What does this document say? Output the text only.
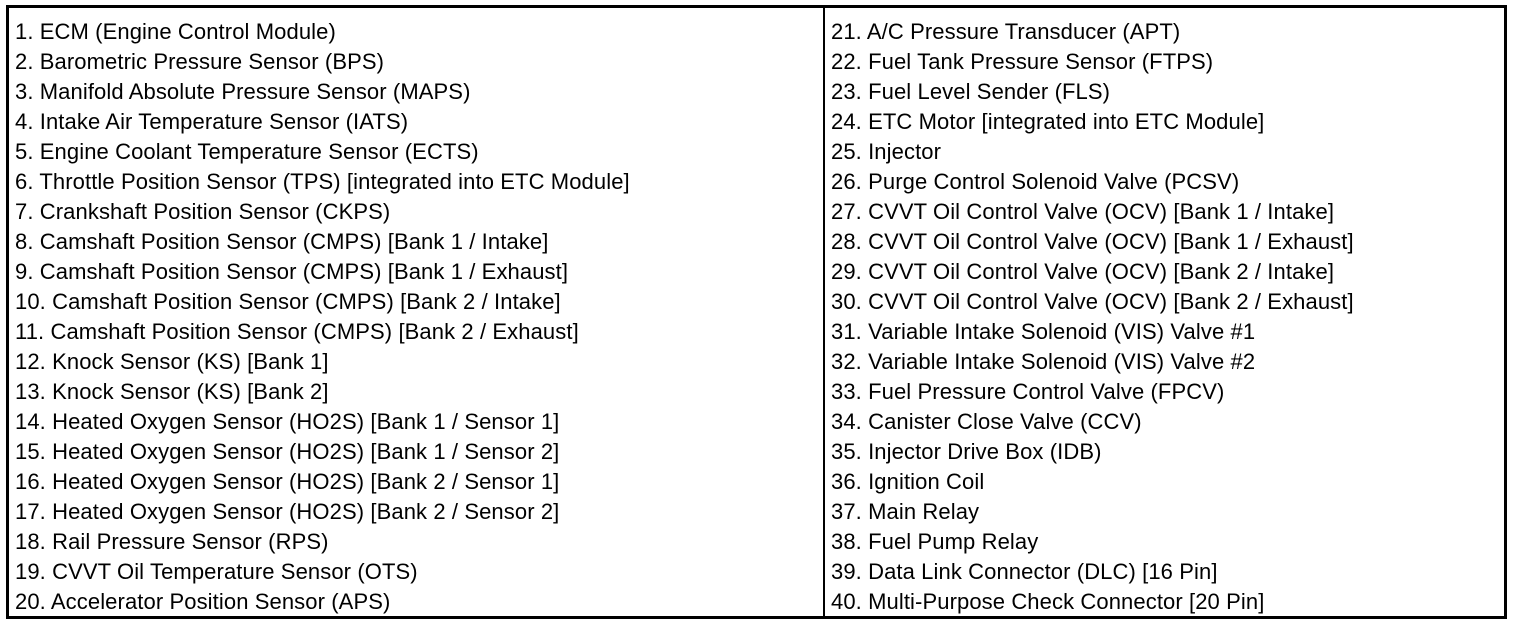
1. ECM (Engine Control Module)
2. Barometric Pressure Sensor (BPS)
3. Manifold Absolute Pressure Sensor (MAPS)
4. Intake Air Temperature Sensor (IATS)
5. Engine Coolant Temperature Sensor (ECTS)
6. Throttle Position Sensor (TPS) [integrated into ETC Module]
7. Crankshaft Position Sensor (CKPS)
8. Camshaft Position Sensor (CMPS) [Bank 1 / Intake]
9. Camshaft Position Sensor (CMPS) [Bank 1 / Exhaust]
10. Camshaft Position Sensor (CMPS) [Bank 2 / Intake]
11. Camshaft Position Sensor (CMPS) [Bank 2 / Exhaust]
12. Knock Sensor (KS) [Bank 1]
13. Knock Sensor (KS) [Bank 2]
14. Heated Oxygen Sensor (HO2S) [Bank 1 / Sensor 1]
15. Heated Oxygen Sensor (HO2S) [Bank 1 / Sensor 2]
16. Heated Oxygen Sensor (HO2S) [Bank 2 / Sensor 1]
17. Heated Oxygen Sensor (HO2S) [Bank 2 / Sensor 2]
18. Rail Pressure Sensor (RPS)
19. CVVT Oil Temperature Sensor (OTS)
20. Accelerator Position Sensor (APS)
21. A/C Pressure Transducer (APT)
22. Fuel Tank Pressure Sensor (FTPS)
23. Fuel Level Sender (FLS)
24. ETC Motor [integrated into ETC Module]
25. Injector
26. Purge Control Solenoid Valve (PCSV)
27. CVVT Oil Control Valve (OCV) [Bank 1 / Intake]
28. CVVT Oil Control Valve (OCV) [Bank 1 / Exhaust]
29. CVVT Oil Control Valve (OCV) [Bank 2 / Intake]
30. CVVT Oil Control Valve (OCV) [Bank 2 / Exhaust]
31. Variable Intake Solenoid (VIS) Valve #1
32. Variable Intake Solenoid (VIS) Valve #2
33. Fuel Pressure Control Valve (FPCV)
34. Canister Close Valve (CCV)
35. Injector Drive Box (IDB)
36. Ignition Coil
37. Main Relay
38. Fuel Pump Relay
39. Data Link Connector (DLC) [16 Pin]
40. Multi-Purpose Check Connector [20 Pin]
